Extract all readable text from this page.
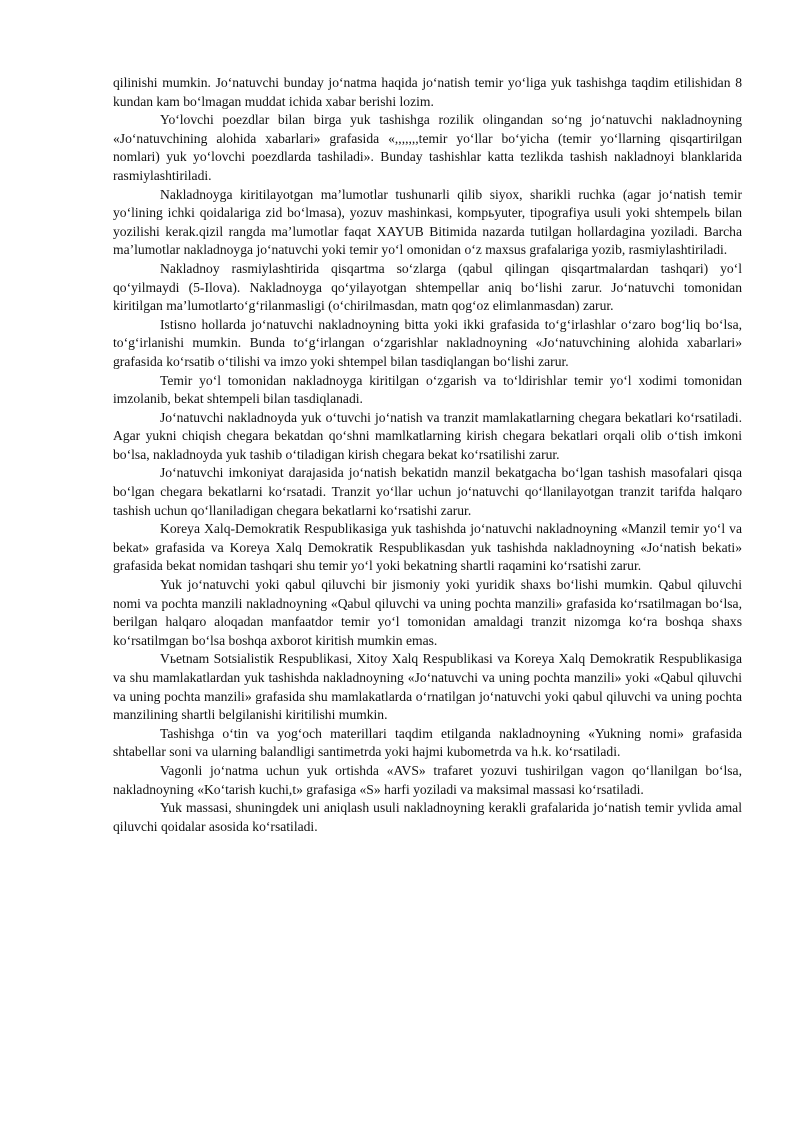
qilinishi mumkin. Jo‘natuvchi bunday jo‘natma haqida jo‘natish temir yo‘liga yuk tashishga taqdim etilishidan 8 kundan kam bo‘lmagan muddat ichida xabar berishi lozim.

Yo‘lovchi poezdlar bilan birga yuk tashishga rozilik olingandan so‘ng jo‘natuvchi nakladnoyning «Jo‘natuvchining alohida xabarlari» grafasida «,,,,,,,temir yo‘llar bo‘yicha (temir yo‘llarning qisqartirilgan nomlari) yuk yo‘lovchi poezdlarda tashiladi». Bunday tashishlar katta tezlikda tashish nakladnoyi blanklarida rasmiylashtiriladi.

Nakladnoyga kiritilayotgan ma’lumotlar tushunarli qilib siyox, sharikli ruchka (agar jo‘natish temir yo‘lining ichki qoidalariga zid bo‘lmasa), yozuv mashinkasi, kompьyuter, tipografiya usuli yoki shtempelь bilan yozilishi kerak.qizil rangda ma’lumotlar faqat XAYUB Bitimida nazarda tutilgan hollardagina yoziladi. Barcha ma’lumotlar nakladnoyga jo‘natuvchi yoki temir yo‘l omonidan o‘z maxsus grafalariga yozib, rasmiylashtiriladi.

Nakladnoy rasmiylashtirida qisqartma so‘zlarga (qabul qilingan qisqartmalardan tashqari) yo‘l qo‘yilmaydi (5-Ilova). Nakladnoyga qo‘yilayotgan shtempellar aniq bo‘lishi zarur. Jo‘natuvchi tomonidan kiritilgan ma’lumotlarto‘g‘rilanmasligi (o‘chirilmasdan, matn qog‘oz elimlanmasdan) zarur.

Istisno hollarda jo‘natuvchi nakladnoyning bitta yoki ikki grafasida to‘g‘irlashlar o‘zaro bog‘liq bo‘lsa, to‘g‘irlanishi mumkin. Bunda to‘g‘irlangan o‘zgarishlar nakladnoyning «Jo‘natuvchining alohida xabarlari» grafasida ko‘rsatib o‘tilishi va imzo yoki shtempel bilan tasdiqlangan bo‘lishi zarur.

Temir yo‘l tomonidan nakladnoyga kiritilgan o‘zgarish va to‘ldirishlar temir yo‘l xodimi tomonidan imzolanib, bekat shtempeli bilan tasdiqlanadi.

Jo‘natuvchi nakladnoyda yuk o‘tuvchi jo‘natish va tranzit mamlakatlarning chegara bekatlari ko‘rsatiladi. Agar yukni chiqish chegara bekatdan qo‘shni mamlkatlarning kirish chegara bekatlari orqali olib o‘tish imkoni bo‘lsa, nakladnoyda yuk tashib o‘tiladigan kirish chegara bekat ko‘rsatilishi zarur.

Jo‘natuvchi imkoniyat darajasida jo‘natish bekatidn manzil bekatgacha bo‘lgan tashish masofalari qisqa bo‘lgan chegara bekatlarni ko‘rsatadi. Tranzit yo‘llar uchun jo‘natuvchi qo‘llanilayotgan tranzit tarifda halqaro tashish uchun qo‘llaniladigan chegara bekatlarni ko‘rsatishi zarur.

Koreya Xalq-Demokratik Respublikasiga yuk tashishda jo‘natuvchi nakladnoyning «Manzil temir yo‘l va bekat» grafasida va Koreya Xalq Demokratik Respublikasdan yuk tashishda nakladnoyning «Jo‘natish bekati» grafasida bekat nomidan tashqari shu temir yo‘l yoki bekatning shartli raqamini ko‘rsatishi zarur.

Yuk jo‘natuvchi yoki qabul qiluvchi bir jismoniy yoki yuridik shaxs bo‘lishi mumkin. Qabul qiluvchi nomi va pochta manzili nakladnoyning «Qabul qiluvchi va uning pochta manzili» grafasida ko‘rsatilmagan bo‘lsa, berilgan halqaro aloqadan manfaatdor temir yo‘l tomonidan amaldagi tranzit nizomga ko‘ra boshqa shaxs ko‘rsatilmgan bo‘lsa boshqa axborot kiritish mumkin emas.

Vьetnam Sotsialistik Respublikasi, Xitoy Xalq Respublikasi va Koreya Xalq Demokratik Respublikasiga va shu mamlakatlardan yuk tashishda nakladnoyning «Jo‘natuvchi va uning pochta manzili» yoki «Qabul qiluvchi va uning pochta manzili» grafasida shu mamlakatlarda o‘rnatilgan jo‘natuvchi yoki qabul qiluvchi va uning pochta manzilining shartli belgilanishi kiritilishi mumkin.

Tashishga o‘tin va yog‘och materillari taqdim etilganda nakladnoyning «Yukning nomi» grafasida shtabellar soni va ularning balandligi santimetrda yoki hajmi kubometrda va h.k. ko‘rsatiladi.

Vagonli jo‘natma uchun yuk ortishda «AVS» trafaret yozuvi tushirilgan vagon qo‘llanilgan bo‘lsa, nakladnoyning «Ko‘tarish kuchi,t» grafasiga «S» harfi yoziladi va maksimal massasi ko‘rsatiladi.

Yuk massasi, shuningdek uni aniqlash usuli nakladnoyning kerakli grafalarida jo‘natish temir yvlida amal qiluvchi qoidalar asosida ko‘rsatiladi.
